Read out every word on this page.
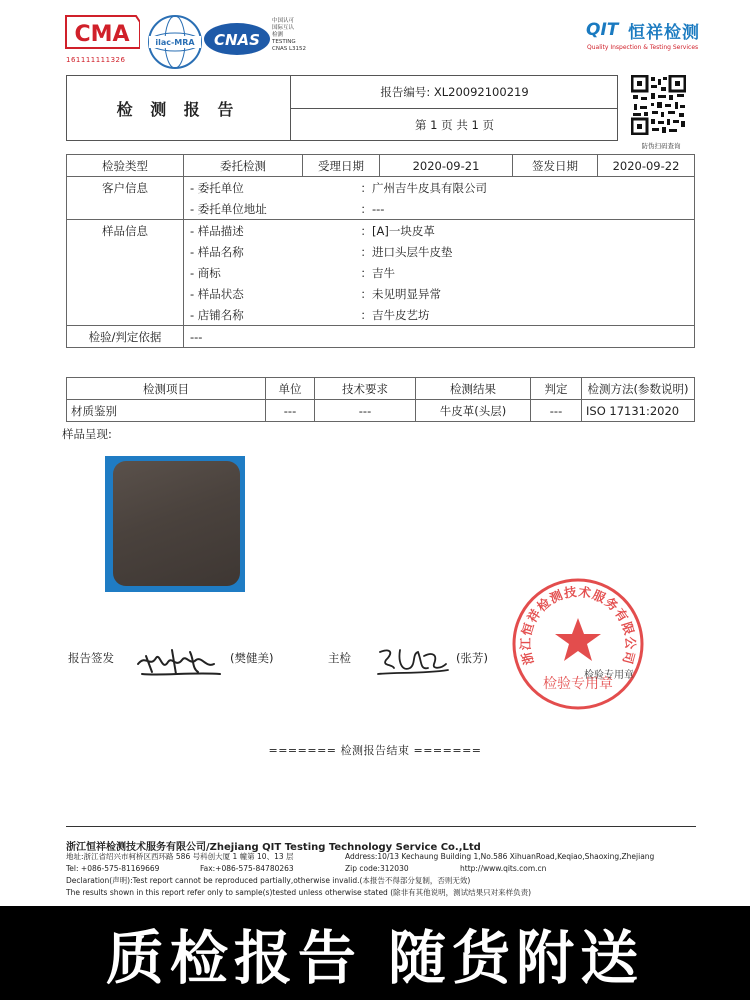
CMA
161111111326
ilac-MRA CNAS
中国认可
国际互认
检测
TESTING
CNAS L3152
QIT 恒祥检测
Quality Inspection & Testing Services
检 测 报 告
报告编号: XL20092100219
第 1 页 共 1 页
防伪扫码查询
检验类型	委托检测	受理日期	2020-09-21	签发日期	2020-09-22
客户信息	- 委托单位	：广州吉牛皮具有限公司			
	- 委托单位地址	：---			
样品信息	- 样品描述	：[A]一块皮革			
	- 样品名称	：进口头层牛皮垫			
	- 商标	：吉牛			
	- 样品状态	：未见明显异常			
	- 店铺名称	：吉牛皮艺坊			
检验/判定依据	---				
检测项目	单位	技术要求	检测结果	判定	检测方法(参数说明)
材质鉴别	---	---	牛皮革(头层)	---	ISO 17131:2020
样品呈现:
报告签发	(樊健美)	主检	(张芳) 浙江恒祥检测技术服务有限公司
检验专用章
检验专用章
======= 检测报告结束 =======
浙江恒祥检测技术服务有限公司/Zhejiang QIT Testing Technology Service Co.,Ltd
地址:浙江省绍兴市柯桥区西环路 586 号科创大厦 1 幢第 10、13 层	Address:10/13 Kechaung Building 1,No.586 XihuanRoad,Keqiao,Shaoxing,Zhejiang
Tel: +086-575-81169669	Fax:+086-575-84780263	Zip code:312030	http://www.qits.com.cn
Declaration(声明):Test report cannot be reproduced partially,otherwise invalid.(本报告不得部分复制，否则无效)
The results shown in this report refer only to sample(s)tested unless otherwise stated (除非有其他说明，测试结果只对来样负责)
质检报告 随货附送
